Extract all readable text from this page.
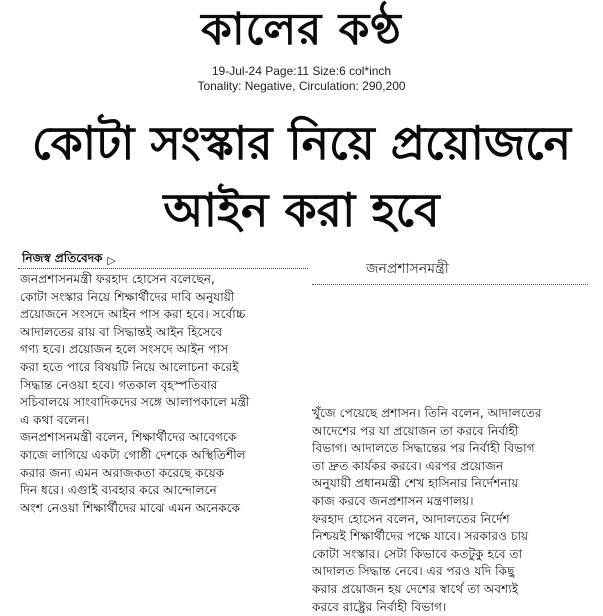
কালের কণ্ঠ
19-Jul-24 Page:11 Size:6 col*inch
Tonality: Negative, Circulation: 290,200
কোটা সংস্কার নিয়ে প্রয়োজনে
আইন করা হবে
নিজস্ব প্রতিবেদক ▷
জনপ্রশাসনমন্ত্রী ফরহাদ হোসেন বলেছেন,
কোটা সংস্কার নিয়ে শিক্ষার্থীদের দাবি অনুযায়ী
প্রয়োজনে সংসদে আইন পাস করা হবে। সর্বোচ্চ
আদালতের রায় বা সিদ্ধান্তই আইন হিসেবে
গণ্য হবে। প্রয়োজন হলে সংসদে আইন পাস
করা হতে পারে বিষয়টি নিয়ে আলোচনা করেই
সিদ্ধান্ত নেওয়া হবে। গতকাল বৃহস্পতিবার
সচিবালয়ে সাংবাদিকদের সঙ্গে আলাপকালে মন্ত্রী
এ কথা বলেন।
জনপ্রশাসনমন্ত্রী বলেন, শিক্ষার্থীদের আবেগকে
কাজে লাগিয়ে একটা গোষ্ঠী দেশকে অস্থিতিশীল
করার জন্য এমন অরাজকতা করেছে কয়েক
দিন ধরে। এগুাই ব্যবহার করে আন্দোলনে
অংশ নেওয়া শিক্ষার্থীদের মাঝে এমন অনেককে
জনপ্রশাসনমন্ত্রী
খুঁজে পেয়েছে প্রশাসন। তিনি বলেন, আদালতের
আদেশের পর যা প্রয়োজন তা করবে নির্বাহী
বিভাগ। আদালতে সিদ্ধান্তের পর নির্বাহী বিভাগ
তা দ্রুত কার্যকর করবে। এরপর প্রয়োজন
অনুযায়ী প্রধানমন্ত্রী শেখ হাসিনার নির্দেশনায়
কাজ করবে জনপ্রশাসন মন্ত্রণালয়।
ফরহাদ হোসেন বলেন, আদালতের নির্দেশ
নিশ্চয়ই শিক্ষার্থীদের পক্ষে যাবে। সরকারও চায়
কোটা সংস্কার। সেটা কিভাবে কতটুকু হবে তা
আদালত সিদ্ধান্ত নেবে। এর পরও যদি কিছু
করার প্রয়োজন হয় দেশের স্বার্থে তা অবশ্যই
করবে রাষ্ট্রের নির্বাহী বিভাগ।
